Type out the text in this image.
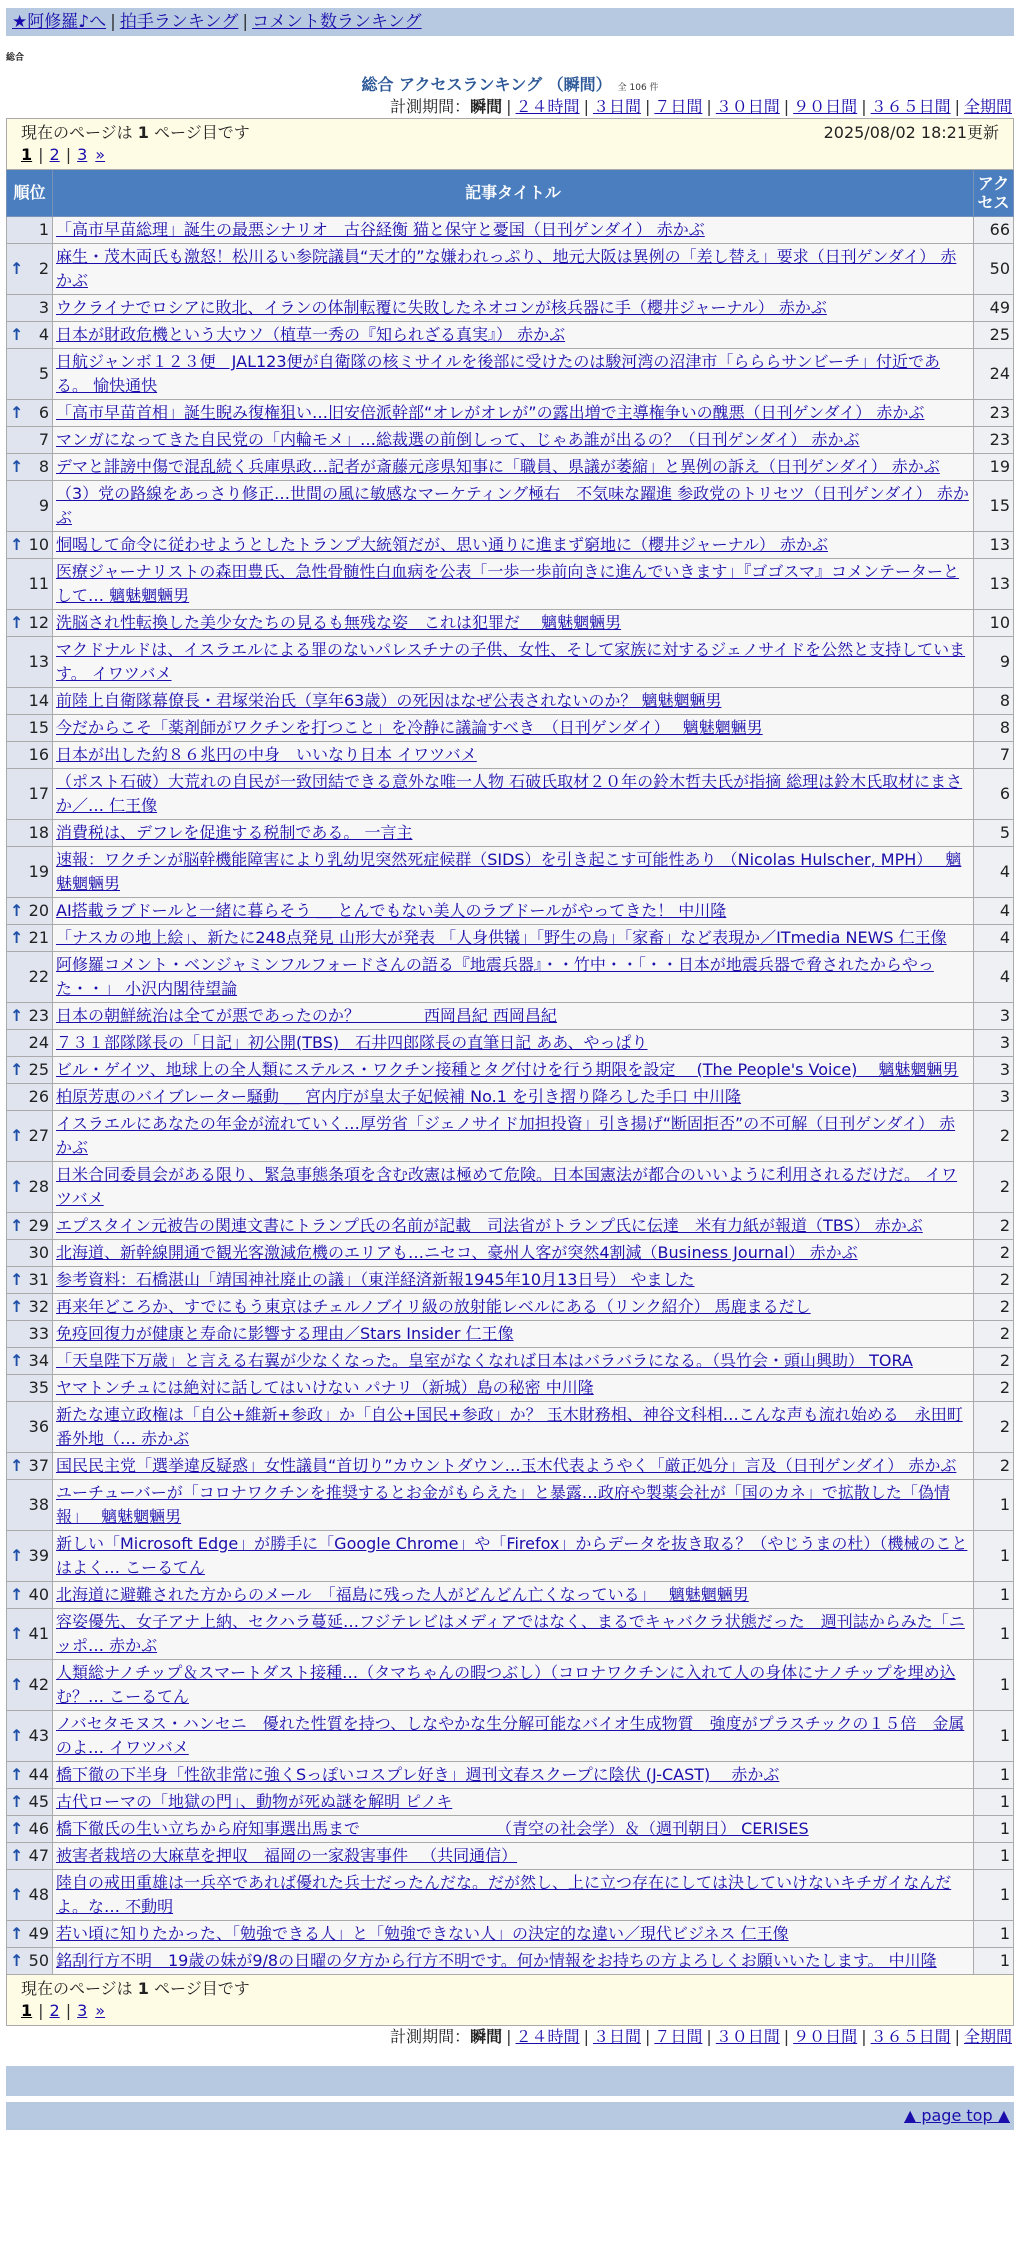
★阿修羅♪へ | 拍手ランキング | コメント数ランキング
総合
総合 アクセスランキング （瞬間） 全 106 件
計測期間：瞬間 | ２４時間 | ３日間 | ７日間 | ３０日間 | ９０日間 | ３６５日間 | 全期間
現在のページは 1 ページ目です 2025/08/02 18:21更新
1 | 2 | 3 »		

順位	記事タイトル	アクセス
1	「高市早苗総理」誕生の最悪シナリオ　古谷経衡 猫と保守と憂国（日刊ゲンダイ） 赤かぶ	66

↑ 2	麻生・茂木両氏も激怒！松川るい参院議員“天才的”な嫌われっぷり、地元大阪は異例の「差し替え」要求（日刊ゲンダイ） 赤かぶ	50
3	ウクライナでロシアに敗北、イランの体制転覆に失敗したネオコンが核兵器に手（櫻井ジャーナル） 赤かぶ	49

↑ 4	日本が財政危機という大ウソ（植草一秀の『知られざる真実』） 赤かぶ	25
5	日航ジャンボ１２３便　JAL123便が自衛隊の核ミサイルを後部に受けたのは駿河湾の沼津市「らららサンビーチ」付近である。 愉快通快	24

↑ 6	「高市早苗首相」誕生睨み復権狙い…旧安倍派幹部“オレがオレが”の露出増で主導権争いの醜悪（日刊ゲンダイ） 赤かぶ	23
7	マンガになってきた自民党の「内輪モメ」…総裁選の前倒しって、じゃあ誰が出るの？（日刊ゲンダイ） 赤かぶ	23

↑ 8	デマと誹謗中傷で混乱続く兵庫県政…記者が斎藤元彦県知事に「職員、県議が萎縮」と異例の訴え（日刊ゲンダイ） 赤かぶ	19
9	（3）党の路線をあっさり修正…世間の風に敏感なマーケティング極右　不気味な躍進 参政党のトリセツ（日刊ゲンダイ） 赤かぶ	15

↑ 10	恫喝して命令に従わせようとしたトランプ大統領だが、思い通りに進まず窮地に（櫻井ジャーナル） 赤かぶ	13
11	医療ジャーナリストの森田豊氏、急性骨髄性白血病を公表「一歩一歩前向きに進んでいきます」『ゴゴスマ』コメンテーターとして… 魑魅魍魎男	13

↑ 12	洗脳され性転換した美少女たちの見るも無残な姿　これは犯罪だ　 魑魅魍魎男	10
13	マクドナルドは、イスラエルによる罪のないパレスチナの子供、女性、そして家族に対するジェノサイドを公然と支持しています。 イワツバメ	9
14	前陸上自衛隊幕僚長・君塚栄治氏（享年63歳）の死因はなぜ公表されないのか？ 魑魅魍魎男	8
15	今だからこそ「薬剤師がワクチンを打つこと」を冷静に議論すべき　（日刊ゲンダイ）　 魑魅魍魎男	8
16	日本が出した約８６兆円の中身　いいなり日本 イワツバメ	7
17	（ポスト石破）大荒れの自民が一致団結できる意外な唯一人物 石破氏取材２０年の鈴木哲夫氏が指摘 総理は鈴木氏取材にまさか／… 仁王像	6
18	消費税は、デフレを促進する税制である。 一言主	5
19	速報：ワクチンが脳幹機能障害により乳幼児突然死症候群（SIDS）を引き起こす可能性あり （Nicolas Hulscher, MPH）　 魑魅魍魎男	4

↑ 20	AI搭載ラブドールと一緒に暮らそう ＿ とんでもない美人のラブドールがやってきた！ 中川隆	4

↑ 21	「ナスカの地上絵」、新たに248点発見 山形大が発表 「人身供犠」「野生の鳥」「家畜」など表現か／ITmedia NEWS 仁王像	4
22	阿修羅コメント・ベンジャミンフルフォードさんの語る『地震兵器』・・竹中・・「・・日本が地震兵器で脅されたからやった・・」 小沢内閣待望論	4

↑ 23	日本の朝鮮統治は全てが悪であったのか？　　　　西岡昌紀 西岡昌紀	3
24	７３１部隊隊長の「日記」初公開(TBS)　石井四郎隊長の直筆日記 ああ、やっぱり	3

↑ 25	ビル・ゲイツ、地球上の全人類にステルス・ワクチン接種とタグ付けを行う期限を設定 　(The People's Voice)　 魑魅魍魎男	3
26	柏原芳恵のバイブレーター騒動 ＿ 宮内庁が皇太子妃候補 No.1 を引き摺り降ろした手口 中川隆	3

↑ 27	イスラエルにあなたの年金が流れていく…厚労省「ジェノサイド加担投資」引き揚げ“断固拒否”の不可解（日刊ゲンダイ） 赤かぶ	2

↑ 28	日米合同委員会がある限り、緊急事態条項を含む改憲は極めて危険。日本国憲法が都合のいいように利用されるだけだ。 イワツバメ	2

↑ 29	エプスタイン元被告の関連文書にトランプ氏の名前が記載　司法省がトランプ氏に伝達　米有力紙が報道（TBS） 赤かぶ	2
30	北海道、新幹線開通で観光客激減危機のエリアも…ニセコ、豪州人客が突然4割減（Business Journal） 赤かぶ	2

↑ 31	参考資料：石橋湛山「靖国神社廃止の議」（東洋経済新報1945年10月13日号） やました	2

↑ 32	再来年どころか、すでにもう東京はチェルノブイリ級の放射能レベルにある（リンク紹介） 馬鹿まるだし	2
33	免疫回復力が健康と寿命に影響する理由／Stars Insider 仁王像	2

↑ 34	「天皇陛下万歳」と言える右翼が少なくなった。皇室がなくなれば日本はバラバラになる。（呉竹会・頭山興助） TORA	2
35	ヤマトンチュには絶対に話してはいけない パナリ（新城）島の秘密 中川隆	2
36	新たな連立政権は「自公+維新+参政」か「自公+国民+参政」か？ 玉木財務相、神谷文科相…こんな声も流れ始める　永田町番外地（… 赤かぶ	2

↑ 37	国民民主党「選挙違反疑惑」女性議員“首切り”カウントダウン…玉木代表ようやく「厳正処分」言及（日刊ゲンダイ） 赤かぶ	2
38	ユーチューバーが「コロナワクチンを推奨するとお金がもらえた」と暴露…政府や製薬会社が「国のカネ」で拡散した「偽情報」　 魑魅魍魎男	1

↑ 39	新しい「Microsoft Edge」が勝手に「Google Chrome」や「Firefox」からデータを抜き取る？（やじうまの杜）（機械のことはよく… こーるてん	1

↑ 40	北海道に避難された方からのメール　「福島に残った人がどんどん亡くなっている」　 魑魅魍魎男	1

↑ 41	容姿優先、女子アナ上納、セクハラ蔓延…フジテレビはメディアではなく、まるでキャバクラ状態だった　週刊誌からみた「ニッポ… 赤かぶ	1

↑ 42	人類総ナノチップ＆スマートダスト接種…（タマちゃんの暇つぶし）（コロナワクチンに入れて人の身体にナノチップを埋め込む？… こーるてん	1

↑ 43	ノバセタモヌス・ハンセニ　優れた性質を持つ、しなやかな生分解可能なバイオ生成物質　強度がプラスチックの１５倍　金属のよ… イワツバメ	1

↑ 44	橋下徹の下半身「性欲非常に強くSっぽいコスプレ好き」週刊文春スクープに陰伏 (J-CAST)　 赤かぶ	1

↑ 45	古代ローマの「地獄の門」、動物が死ぬ謎を解明 ピノキ	1

↑ 46	橋下徹氏の生い立ちから府知事選出馬まで　　　　　　　　　（青空の社会学）＆（週刊朝日） CERISES	1

↑ 47	被害者栽培の大麻草を押収　福岡の一家殺害事件 　（共同通信）	1

↑ 48	陸自の戒田重雄は一兵卒であれば優れた兵士だったんだな。だが然し、上に立つ存在にしては決していけないキチガイなんだよ。な… 不動明	1

↑ 49	若い頃に知りたかった、「勉強できる人」と「勉強できない人」の決定的な違い／現代ビジネス 仁王像	1

↑ 50	銘刮行方不明　19歳の妹が9/8の日曜の夕方から行方不明です。何か情報をお持ちの方よろしくお願いいたします。 中川隆	1

現在のページは 1 ページ目です
1 | 2 | 3 »		
計測期間：瞬間 | ２４時間 | ３日間 | ７日間 | ３０日間 | ９０日間 | ３６５日間 | 全期間
▲ page top ▲
